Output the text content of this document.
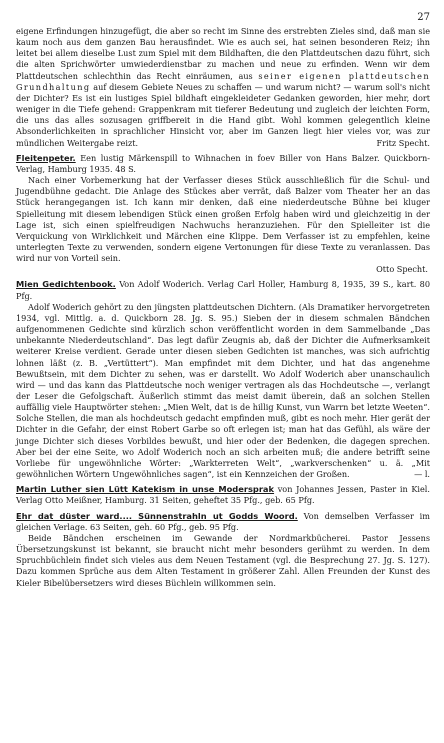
27

eigene Erfindungen hinzugefügt, die aber so recht im Sinne des erstrebten Zieles sind, daß man sie kaum noch aus dem ganzen Bau herausfindet. Wie es auch sei, hat seinen besonderen Reiz; ihn leitet bei allem dieselbe Lust zum Spiel mit dem Bildhaften, die den Plattdeutschen dazu führt, sich die alten Sprichwörter umwiederdienstbar zu machen und neue zu erfinden. Wenn wir dem Plattdeutschen schlechthin das Recht einräumen, aus seiner eigenen plattdeutschen Grundhaltung auf diesem Gebiete Neues zu schaffen — und warum nicht? — warum soll's nicht der Dichter? Es ist ein lustiges Spiel bildhaft eingekleideter Gedanken geworden, hier mehr, dort weniger in die Tiefe gehend: Grappenkram mit tieferer Bedeutung und zugleich der leichten Form, die uns das alles sozusagen griffbereit in die Hand gibt. Wohl kommen gelegentlich kleine Absonderlichkeiten in sprachlicher Hinsicht vor, aber im Ganzen liegt hier vieles vor, was zur mündlichen Weitergabe reizt.	Fritz Specht.

Fleitenpeter. Een lustig Märkenspill to Wihnachen in foev Biller von Hans Balzer. Quickborn-Verlag, Hamburg 1935. 48 S.

Nach einer Vorbemerkung hat der Verfasser dieses Stück ausschließlich für die Schul- und Jugendbühne gedacht. Die Anlage des Stückes aber verrät, daß Balzer vom Theater her an das Stück herangegangen ist. Ich kann mir denken, daß eine niederdeutsche Bühne bei kluger Spielleitung mit diesem lebendigen Stück einen großen Erfolg haben wird und gleichzeitig in der Lage ist, sich einen spielfreudigen Nachwuchs heranzuziehen. Für den Spielleiter ist die Verquickung von Wirklichkeit und Märchen eine Klippe. Dem Verfasser ist zu empfehlen, keine unterlegten Texte zu verwenden, sondern eigene Vertonungen für diese Texte zu veranlassen. Das wird nur von Vorteil sein.

Otto Specht.

Mien Gedichtenbook. Von Adolf Woderich. Verlag Carl Holler, Hamburg 8, 1935, 39 S., kart. 80 Pfg.

Adolf Woderich gehört zu den jüngsten plattdeutschen Dichtern. (Als Dramatiker hervorgetreten 1934, vgl. Mittlg. a. d. Quickborn 28. Jg. S. 95.) Sieben der in diesem schmalen Bändchen aufgenommenen Gedichte sind kürzlich schon veröffentlicht worden in dem Sammelbande „Das unbekannte Niederdeutschland“. Das legt dafür Zeugnis ab, daß der Dichter die Aufmerksamkeit weiterer Kreise verdient. Gerade unter diesen sieben Gedichten ist manches, was sich aufrichtig lohnen läßt (z. B. „Vertüttert“). Man empfindet mit dem Dichter, und hat das angenehme Bewußtsein, mit dem Dichter zu sehen, was er darstellt. Wo Adolf Woderich aber unanschaulich wird — und das kann das Plattdeutsche noch weniger vertragen als das Hochdeutsche —, verlangt der Leser die Gefolgschaft. Äußerlich stimmt das meist damit überein, daß an solchen Stellen auffällig viele Hauptwörter stehen: „Mien Welt, dat is de hillig Kunst, vun Warrn bet letzte Weeten“. Solche Stellen, die man als hochdeutsch gedacht empfinden muß, gibt es noch mehr. Hier gerät der Dichter in die Gefahr, der einst Robert Garbe so oft erlegen ist; man hat das Gefühl, als wäre der junge Dichter sich dieses Vorbildes bewußt, und hier oder der Bedenken, die dagegen sprechen. Aber bei der eine Seite, wo Adolf Woderich noch an sich arbeiten muß; die andere betrifft seine Vorliebe für ungewöhnliche Wörter: „Warkterreten Welt“, „warkverschenken“ u. ä. „Mit gewöhnlichen Wörtern Ungewöhnliches sagen“, ist ein Kennzeichen der Großen.	— l.

Martin Luther sien Lütt Katekism in unse Modersprak von Johannes Jessen, Paster in Kiel. Verlag Otto Meißner, Hamburg. 31 Seiten, geheftet 35 Pfg., geb. 65 Pfg.

Ehr dat düster ward.... Sünnenstrahln ut Godds Woord. Von demselben Verfasser im gleichen Verlage. 63 Seiten, geh. 60 Pfg., geb. 95 Pfg.

Beide Bändchen erscheinen im Gewande der Nordmarkbücherei. Pastor Jessens Übersetzungskunst ist bekannt, sie braucht nicht mehr besonders gerühmt zu werden. In dem Spruchbüchlein findet sich vieles aus dem Neuen Testament (vgl. die Besprechung 27. Jg. S. 127). Dazu kommen Sprüche aus dem Alten Testament in größerer Zahl. Allen Freunden der Kunst des Kieler Bibelübersetzers wird dieses Büchlein willkommen sein.
